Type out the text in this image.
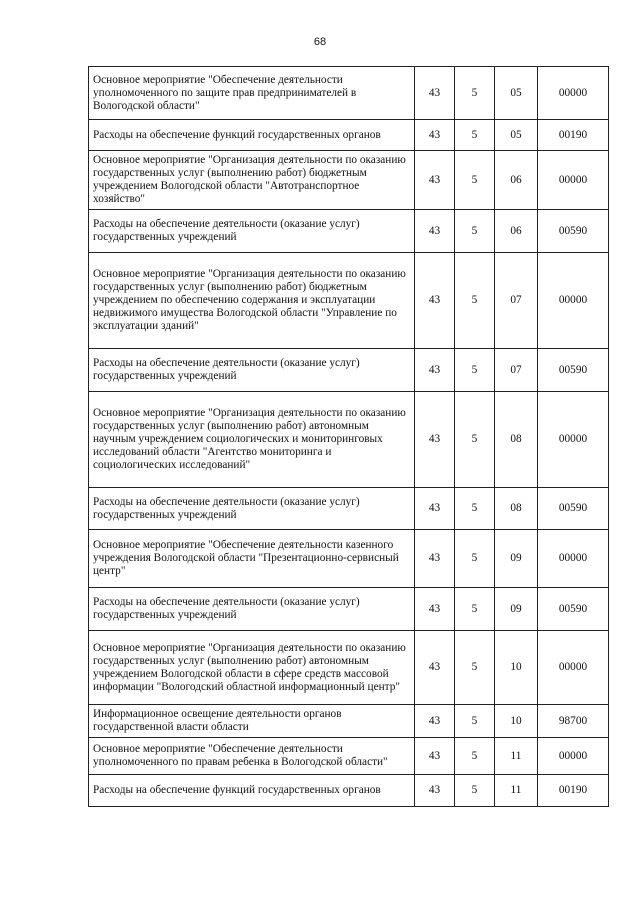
68
Основное мероприятие "Обеспечение деятельности уполномоченного по защите прав предпринимателей в Вологодской области"	43	5	05	00000
Расходы на обеспечение функций государственных органов	43	5	05	00190
Основное мероприятие "Организация деятельности по оказанию государственных услуг (выполнению работ) бюджетным учреждением Вологодской области "Автотранспортное хозяйство"	43	5	06	00000
Расходы на обеспечение деятельности (оказание услуг) государственных учреждений	43	5	06	00590
Основное мероприятие "Организация деятельности по оказанию государственных услуг (выполнению работ) бюджетным учреждением по обеспечению содержания и эксплуатации недвижимого имущества Вологодской области "Управление по эксплуатации зданий"	43	5	07	00000
Расходы на обеспечение деятельности (оказание услуг) государственных учреждений	43	5	07	00590
Основное мероприятие "Организация деятельности по оказанию государственных услуг (выполнению работ) автономным научным учреждением социологических и мониторинговых исследований области "Агентство мониторинга и социологических исследований"	43	5	08	00000
Расходы на обеспечение деятельности (оказание услуг) государственных учреждений	43	5	08	00590
Основное мероприятие "Обеспечение деятельности казенного учреждения Вологодской области "Презентационно-сервисный центр"	43	5	09	00000
Расходы на обеспечение деятельности (оказание услуг) государственных учреждений	43	5	09	00590
Основное мероприятие "Организация деятельности по оказанию государственных услуг (выполнению работ) автономным учреждением Вологодской области в сфере средств массовой информации "Вологодский областной информационный центр"	43	5	10	00000
Информационное освещение деятельности органов государственной власти области	43	5	10	98700
Основное мероприятие "Обеспечение деятельности уполномоченного по правам ребенка в Вологодской области"	43	5	11	00000
Расходы на обеспечение функций государственных органов	43	5	11	00190
